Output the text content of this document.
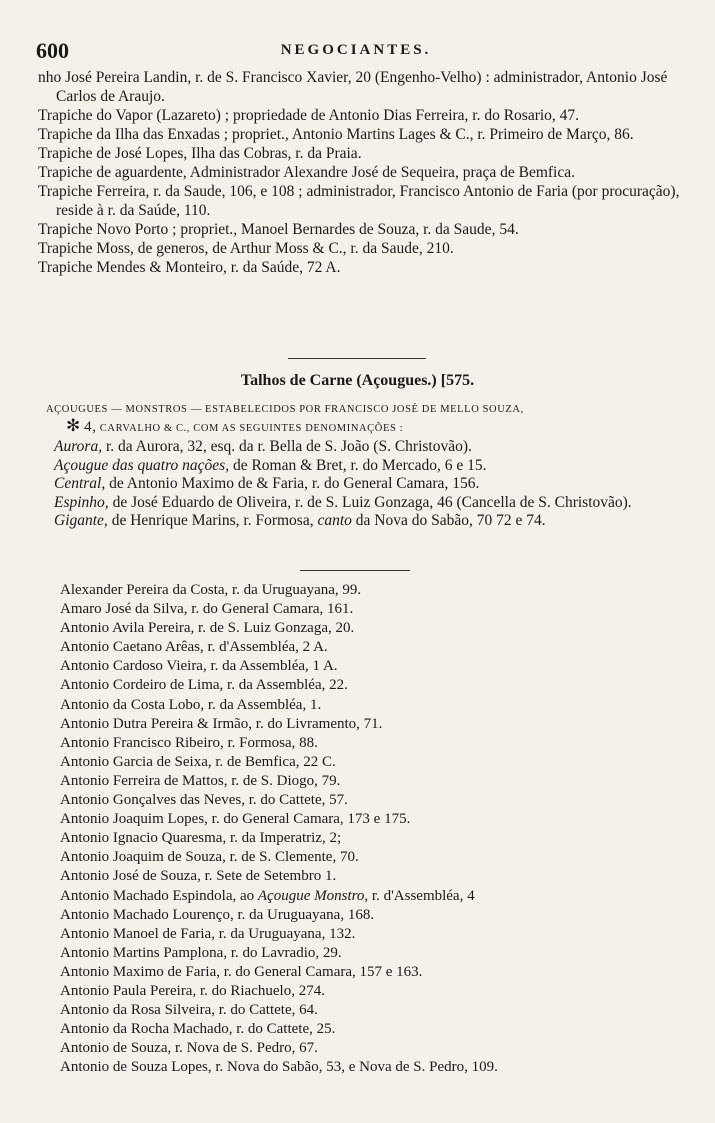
600	NEGOCIANTES.

nho José Pereira Landin, r. de S. Francisco Xavier, 20 (Engenho-Velho) : administrador, Antonio José Carlos de Araujo.

Trapiche do Vapor (Lazareto) ; propriedade de Antonio Dias Ferreira, r. do Rosario, 47.

Trapiche da Ilha das Enxadas ; propriet., Antonio Martins Lages & C., r. Primeiro de Março, 86.

Trapiche de José Lopes, Ilha das Cobras, r. da Praia.

Trapiche de aguardente, Administrador Alexandre José de Sequeira, praça de Bemfica.

Trapiche Ferreira, r. da Saude, 106, e 108 ; administrador, Francisco Antonio de Faria (por procuração), reside à r. da Saúde, 110.

Trapiche Novo Porto ; propriet., Manoel Bernardes de Souza, r. da Saude, 54.

Trapiche Moss, de generos, de Arthur Moss & C., r. da Saude, 210.

Trapiche Mendes & Monteiro, r. da Saúde, 72 A.

Talhos de Carne (Açougues.) [575.
AÇOUGUES — MONSTROS — ESTABELECIDOS POR FRANCISCO JOSÉ DE MELLO SOUZA,
✻ 4, CARVALHO & C., COM AS SEGUINTES DENOMINAÇÕES :

Aurora, r. da Aurora, 32, esq. da r. Bella de S. João (S. Christovão).

Açougue das quatro nações, de Roman & Bret, r. do Mercado, 6 e 15.

Central, de Antonio Maximo de & Faria, r. do General Camara, 156.

Espinho, de José Eduardo de Oliveira, r. de S. Luiz Gonzaga, 46 (Cancella de S. Christovão).

Gigante, de Henrique Marins, r. Formosa, canto da Nova do Sabão, 70 72 e 74.

Alexander Pereira da Costa, r. da Uruguayana, 99.
Amaro José da Silva, r. do General Camara, 161.
Antonio Avila Pereira, r. de S. Luiz Gonzaga, 20.
Antonio Caetano Arêas, r. d'Assembléa, 2 A.
Antonio Cardoso Vieira, r. da Assembléa, 1 A.
Antonio Cordeiro de Lima, r. da Assembléa, 22.
Antonio da Costa Lobo, r. da Assembléa, 1.
Antonio Dutra Pereira & Irmão, r. do Livramento, 71.
Antonio Francisco Ribeiro, r. Formosa, 88.
Antonio Garcia de Seixa, r. de Bemfica, 22 C.
Antonio Ferreira de Mattos, r. de S. Diogo, 79.
Antonio Gonçalves das Neves, r. do Cattete, 57.
Antonio Joaquim Lopes, r. do General Camara, 173 e 175.
Antonio Ignacio Quaresma, r. da Imperatriz, 2;
Antonio Joaquim de Souza, r. de S. Clemente, 70.
Antonio José de Souza, r. Sete de Setembro 1.
Antonio Machado Espindola, ao Açougue Monstro, r. d'Assembléa, 4
Antonio Machado Lourenço, r. da Uruguayana, 168.
Antonio Manoel de Faria, r. da Uruguayana, 132.
Antonio Martins Pamplona, r. do Lavradio, 29.
Antonio Maximo de Faria, r. do General Camara, 157 e 163.
Antonio Paula Pereira, r. do Riachuelo, 274.
Antonio da Rosa Silveira, r. do Cattete, 64.
Antonio da Rocha Machado, r. do Cattete, 25.
Antonio de Souza, r. Nova de S. Pedro, 67.
Antonio de Souza Lopes, r. Nova do Sabão, 53, e Nova de S. Pedro, 109.
